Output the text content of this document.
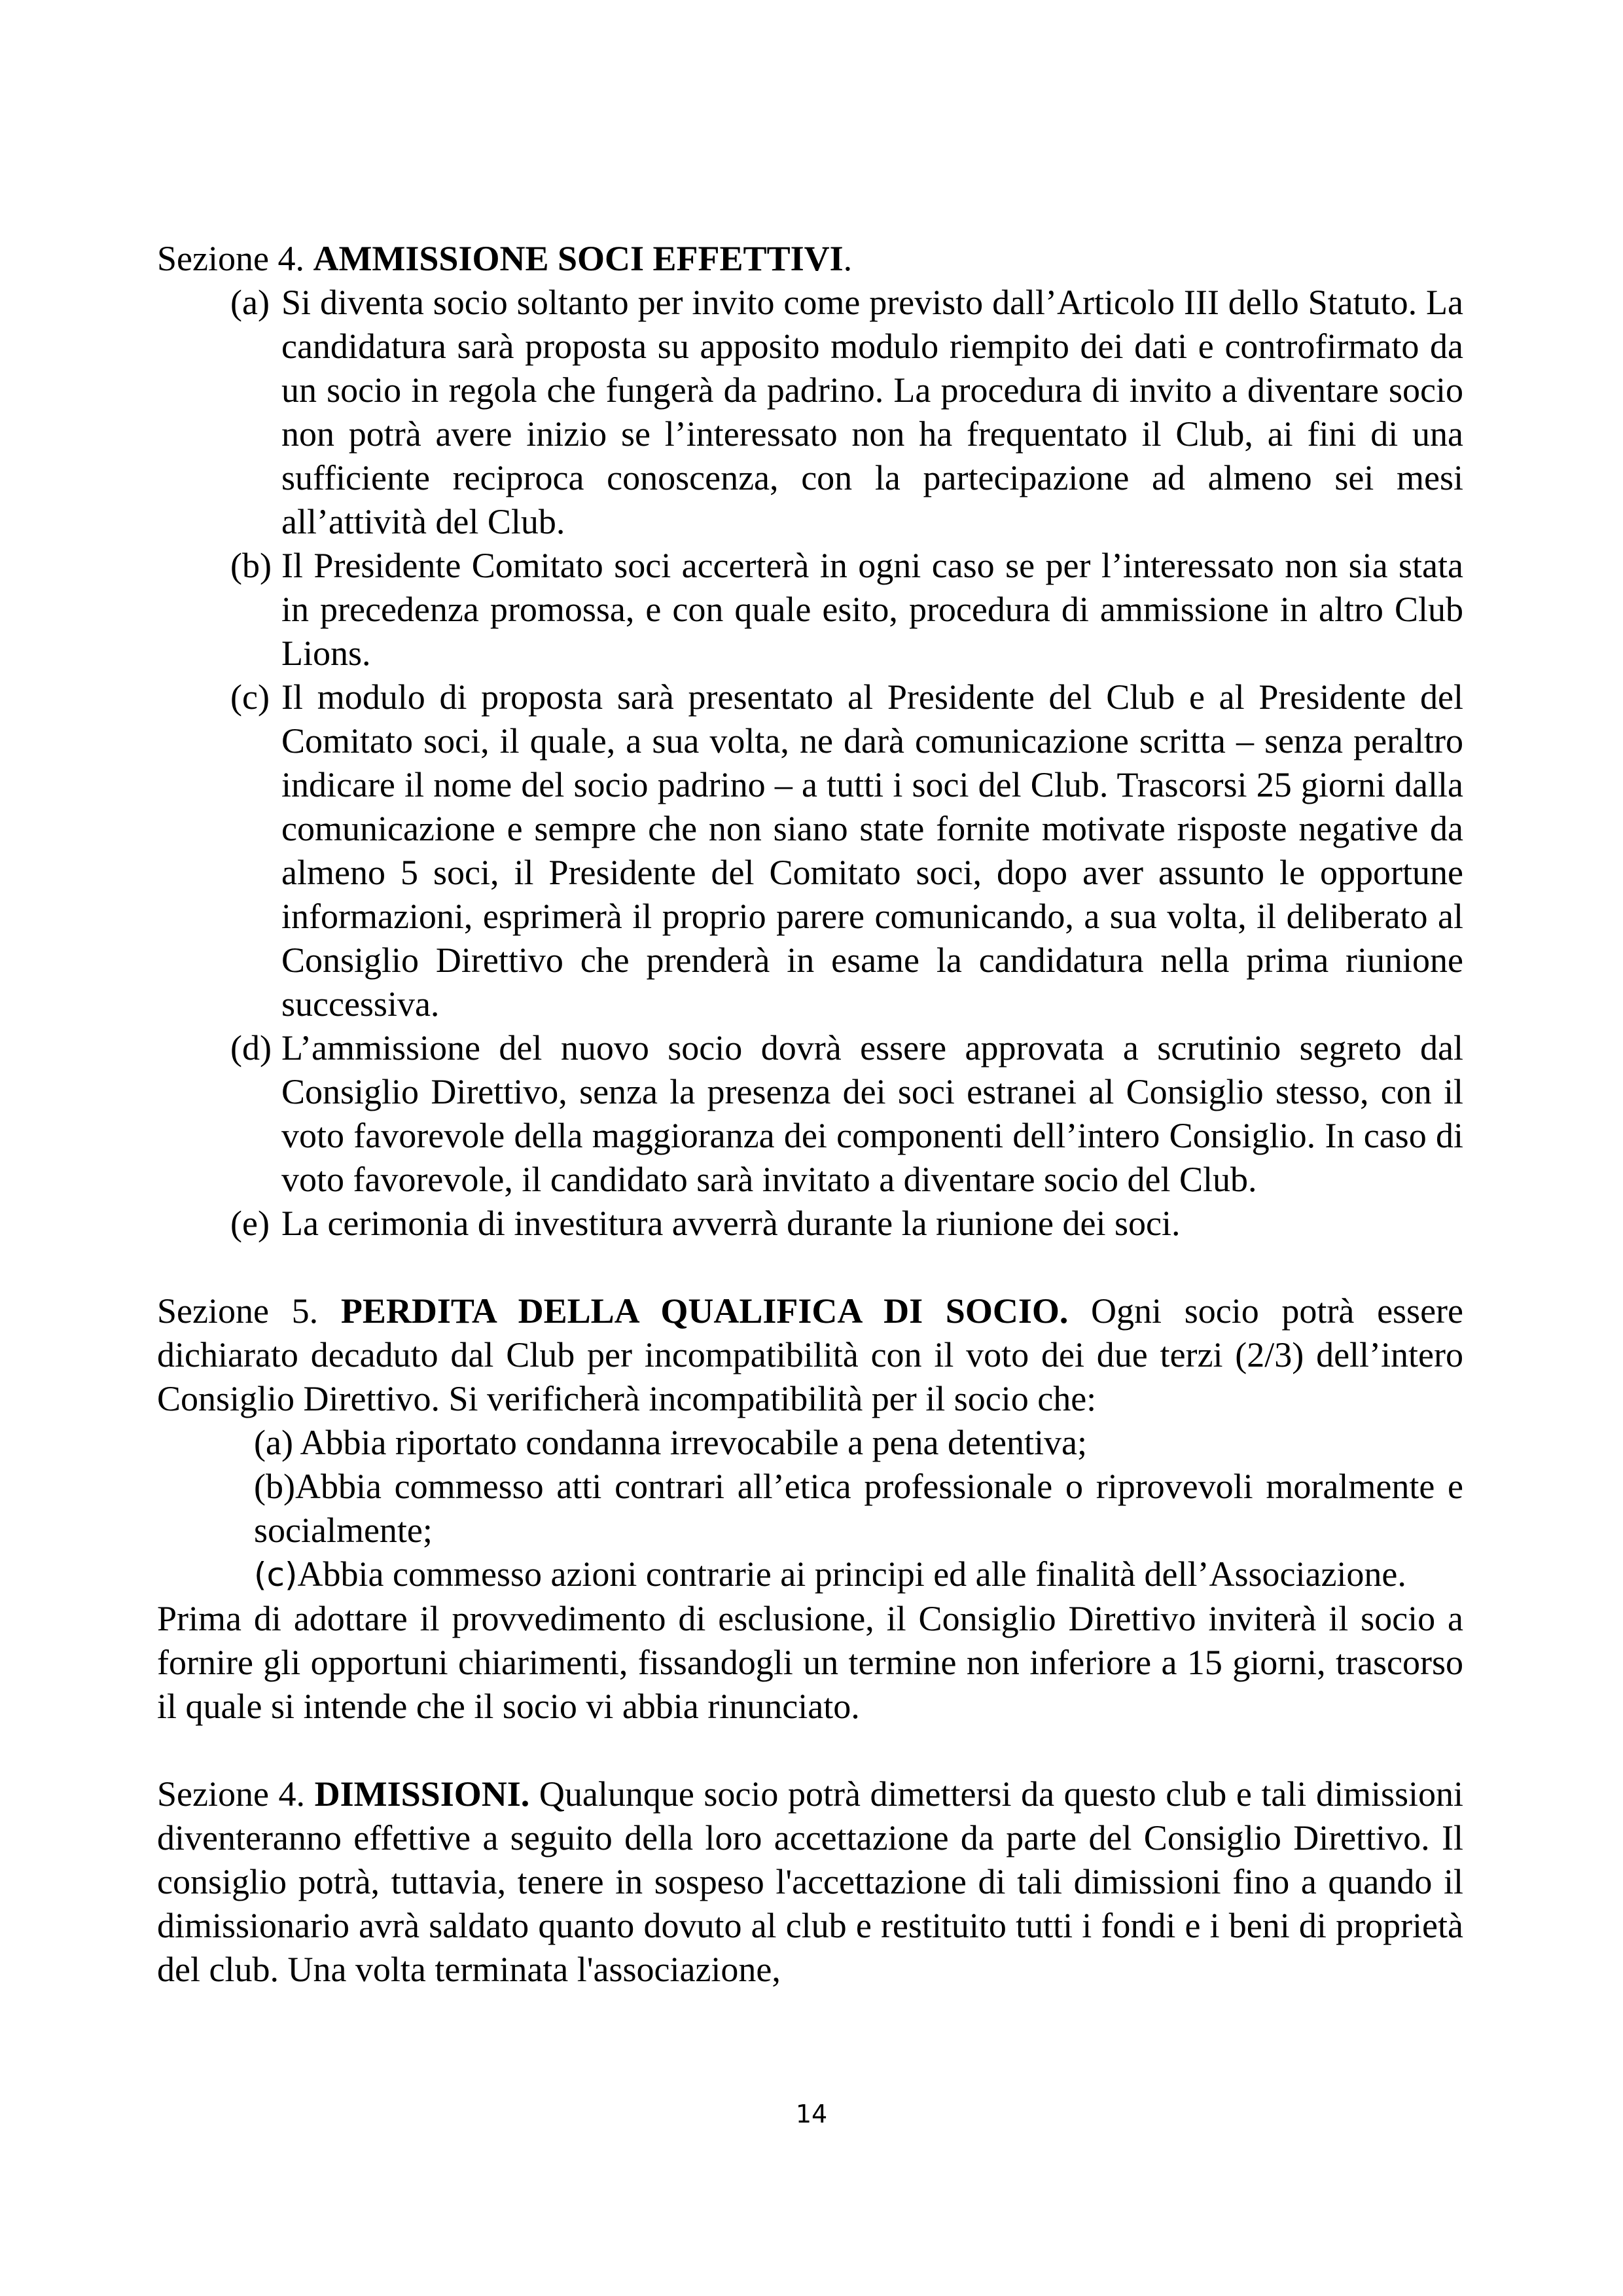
Sezione 4. AMMISSIONE SOCI EFFETTIVI.
(a) Si diventa socio soltanto per invito come previsto dall’Articolo III dello Statuto. La candidatura sarà proposta su apposito modulo riempito dei dati e controfirmato da un socio in regola che fungerà da padrino. La procedura di invito a diventare socio non potrà avere inizio se l’interessato non ha frequentato il Club, ai fini di una sufficiente reciproca conoscenza, con la partecipazione ad almeno sei mesi all’attività del Club.
(b) Il Presidente Comitato soci accerterà in ogni caso se per l’interessato non sia stata in precedenza promossa, e con quale esito, procedura di ammissione in altro Club Lions.
(c) Il modulo di proposta sarà presentato al Presidente del Club e al Presidente del Comitato soci, il quale, a sua volta, ne darà comunicazione scritta – senza peraltro indicare il nome del socio padrino – a tutti i soci del Club. Trascorsi 25 giorni dalla comunicazione e sempre che non siano state fornite motivate risposte negative da almeno 5 soci, il Presidente del Comitato soci, dopo aver assunto le opportune informazioni, esprimerà il proprio parere comunicando, a sua volta, il deliberato al Consiglio Direttivo che prenderà in esame la candidatura nella prima riunione successiva.
(d) L’ammissione del nuovo socio dovrà essere approvata a scrutinio segreto dal Consiglio Direttivo, senza la presenza dei soci estranei al Consiglio stesso, con il voto favorevole della maggioranza dei componenti dell’intero Consiglio. In caso di voto favorevole, il candidato sarà invitato a diventare socio del Club.
(e) La cerimonia di investitura avverrà durante la riunione dei soci.

Sezione 5. PERDITA DELLA QUALIFICA DI SOCIO. Ogni socio potrà essere dichiarato decaduto dal Club per incompatibilità con il voto dei due terzi (2/3) dell’intero Consiglio Direttivo. Si verificherà incompatibilità per il socio che:

(a) Abbia riportato condanna irrevocabile a pena detentiva;
(b)Abbia commesso atti contrari all’etica professionale o riprovevoli moralmente e socialmente;
(c)Abbia commesso azioni contrarie ai principi ed alle finalità dell’Associazione.

Prima di adottare il provvedimento di esclusione, il Consiglio Direttivo inviterà il socio a fornire gli opportuni chiarimenti, fissandogli un termine non inferiore a 15 giorni, trascorso il quale si intende che il socio vi abbia rinunciato.

Sezione 4. DIMISSIONI. Qualunque socio potrà dimettersi da questo club e tali dimissioni diventeranno effettive a seguito della loro accettazione da parte del Consiglio Direttivo. Il consiglio potrà, tuttavia, tenere in sospeso l'accettazione di tali dimissioni fino a quando il dimissionario avrà saldato quanto dovuto al club e restituito tutti i fondi e i beni di proprietà del club. Una volta terminata l'associazione,

14
